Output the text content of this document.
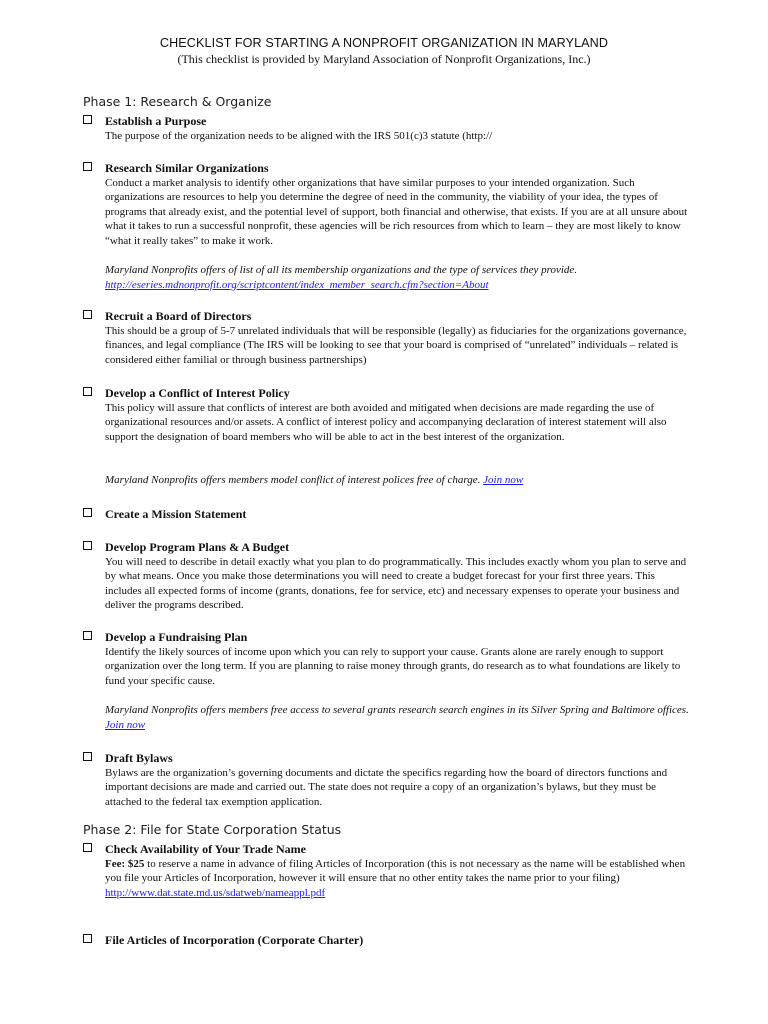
CHECKLIST FOR STARTING A NONPROFIT ORGANIZATION IN MARYLAND
(This checklist is provided by Maryland Association of Nonprofit Organizations, Inc.)
Phase 1: Research & Organize
Establish a Purpose
The purpose of the organization needs to be aligned with the IRS 501(c)3 statute (http://
Research Similar Organizations
Conduct a market analysis to identify other organizations that have similar purposes to your intended organization. Such organizations are resources to help you determine the degree of need in the community, the viability of your idea, the types of programs that already exist, and the potential level of support, both financial and otherwise, that exists. If you are at all unsure about what it takes to run a successful nonprofit, these agencies will be rich resources from which to learn – they are most likely to know “what it really takes” to make it work.
Maryland Nonprofits offers of list of all its membership organizations and the type of services they provide.
http://eseries.mdnonprofit.org/scriptcontent/index_member_search.cfm?section=About
Recruit a Board of Directors
This should be a group of 5-7 unrelated individuals that will be responsible (legally) as fiduciaries for the organizations governance, finances, and legal compliance (The IRS will be looking to see that your board is comprised of “unrelated” individuals – related is considered either familial or through business partnerships)
Develop a Conflict of Interest Policy
This policy will assure that conflicts of interest are both avoided and mitigated when decisions are made regarding the use of organizational resources and/or assets. A conflict of interest policy and accompanying declaration of interest statement will also support the designation of board members who will be able to act in the best interest of the organization.
Maryland Nonprofits offers members model conflict of interest polices free of charge. Join now
Create a Mission Statement
Develop Program Plans & A Budget
You will need to describe in detail exactly what you plan to do programmatically. This includes exactly whom you plan to serve and by what means. Once you make those determinations you will need to create a budget forecast for your first three years. This includes all expected forms of income (grants, donations, fee for service, etc) and necessary expenses to operate your business and deliver the programs described.
Develop a Fundraising Plan
Identify the likely sources of income upon which you can rely to support your cause. Grants alone are rarely enough to support organization over the long term. If you are planning to raise money through grants, do research as to what foundations are likely to fund your specific cause.
Maryland Nonprofits offers members free access to several grants research search engines in its Silver Spring and Baltimore offices. Join now
Draft Bylaws
Bylaws are the organization’s governing documents and dictate the specifics regarding how the board of directors functions and important decisions are made and carried out. The state does not require a copy of an organization’s bylaws, but they must be attached to the federal tax exemption application.
Phase 2: File for State Corporation Status
Check Availability of Your Trade Name
Fee: $25 to reserve a name in advance of filing Articles of Incorporation (this is not necessary as the name will be established when you file your Articles of Incorporation, however it will ensure that no other entity takes the name prior to your filing)
http://www.dat.state.md.us/sdatweb/nameappl.pdf
File Articles of Incorporation (Corporate Charter)
